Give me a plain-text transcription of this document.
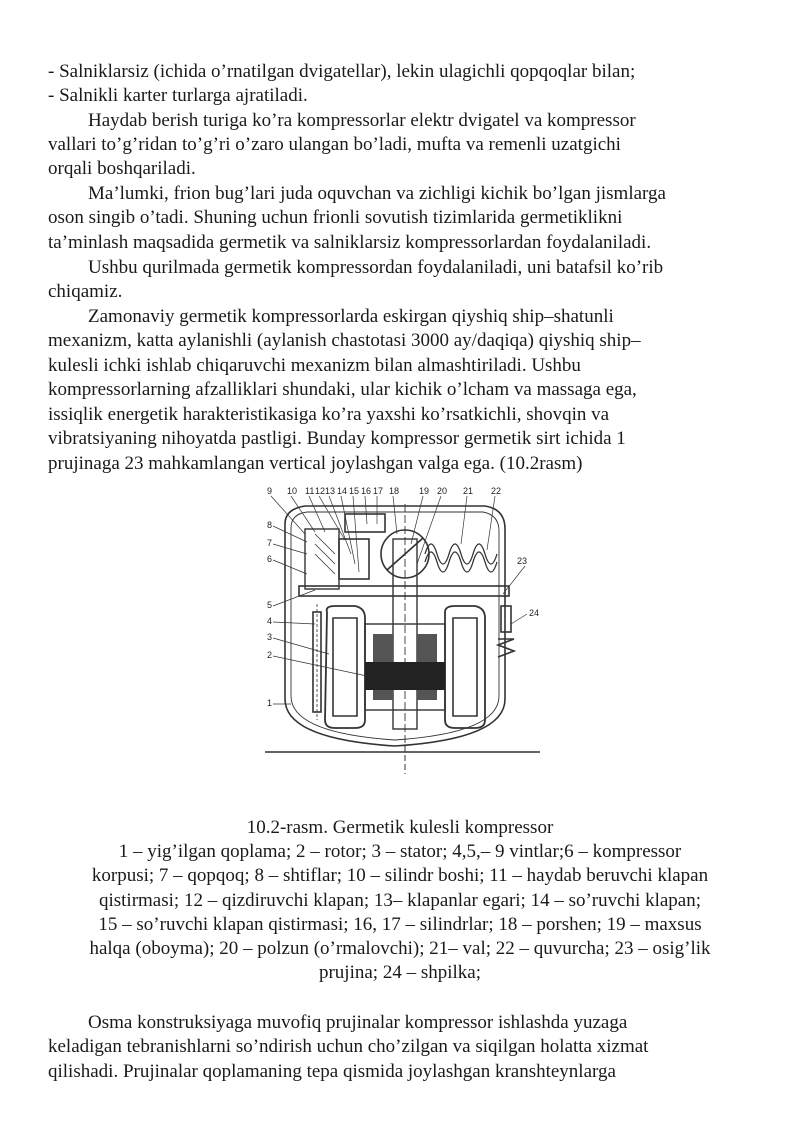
- Salniklarsiz (ichida o’rnatilgan dvigatellar), lekin ulagichli qopqoqlar bilan;
- Salnikli karter turlarga ajratiladi.
Haydab berish turiga ko’ra kompressorlar elektr dvigatel va kompressor
vallari to’g’ridan to’g’ri o’zaro ulangan bo’ladi, mufta va remenli uzatgichi
orqali boshqariladi.
Ma’lumki, frion bug’lari juda oquvchan va zichligi kichik bo’lgan jismlarga
oson singib o’tadi. Shuning uchun frionli sovutish tizimlarida germetiklikni
ta’minlash maqsadida germetik va salniklarsiz kompressorlardan foydalaniladi.
Ushbu qurilmada germetik kompressordan foydalaniladi, uni batafsil ko’rib
chiqamiz.
Zamonaviy germetik kompressorlarda eskirgan qiyshiq ship–shatunli
mexanizm, katta aylanishli (aylanish chastotasi 3000 ay/daqiqa) qiyshiq ship–
kulesli ichki ishlab chiqaruvchi mexanizm bilan almashtiriladi. Ushbu
kompressorlarning afzalliklari shundaki, ular kichik o’lcham va massaga ega,
issiqlik energetik harakteristikasiga ko’ra yaxshi ko’rsatkichli, shovqin va
vibratsiyaning nihoyatda pastligi. Bunday kompressor germetik sirt ichida 1
prujinaga 23 mahkamlangan vertical joylashgan valga ega. (10.2rasm)
9 10 11 12 13 14 15 16 17 18 19 20 21 22
8
7
6
5
4
3
2
1
23
24
10.2-rasm. Germetik kulesli kompressor
1 – yig’ilgan qoplama; 2 – rotor; 3 – stator; 4,5,– 9 vintlar;6 – kompressor
korpusi; 7 – qopqoq; 8 – shtiflar; 10 – silindr boshi; 11 – haydab beruvchi klapan
qistirmasi; 12 – qizdiruvchi klapan; 13– klapanlar egari; 14 – so’ruvchi klapan;
15 – so’ruvchi klapan qistirmasi; 16, 17 – silindrlar; 18 – porshen; 19 – maxsus
halqa (oboyma); 20 – polzun (o’rmalovchi); 21– val; 22 – quvurcha; 23 – osig’lik
prujina; 24 – shpilka;
Osma konstruksiyaga muvofiq prujinalar kompressor ishlashda yuzaga
keladigan tebranishlarni so’ndirish uchun cho’zilgan va siqilgan holatta xizmat
qilishadi. Prujinalar qoplamaning tepa qismida joylashgan kranshteynlarga
